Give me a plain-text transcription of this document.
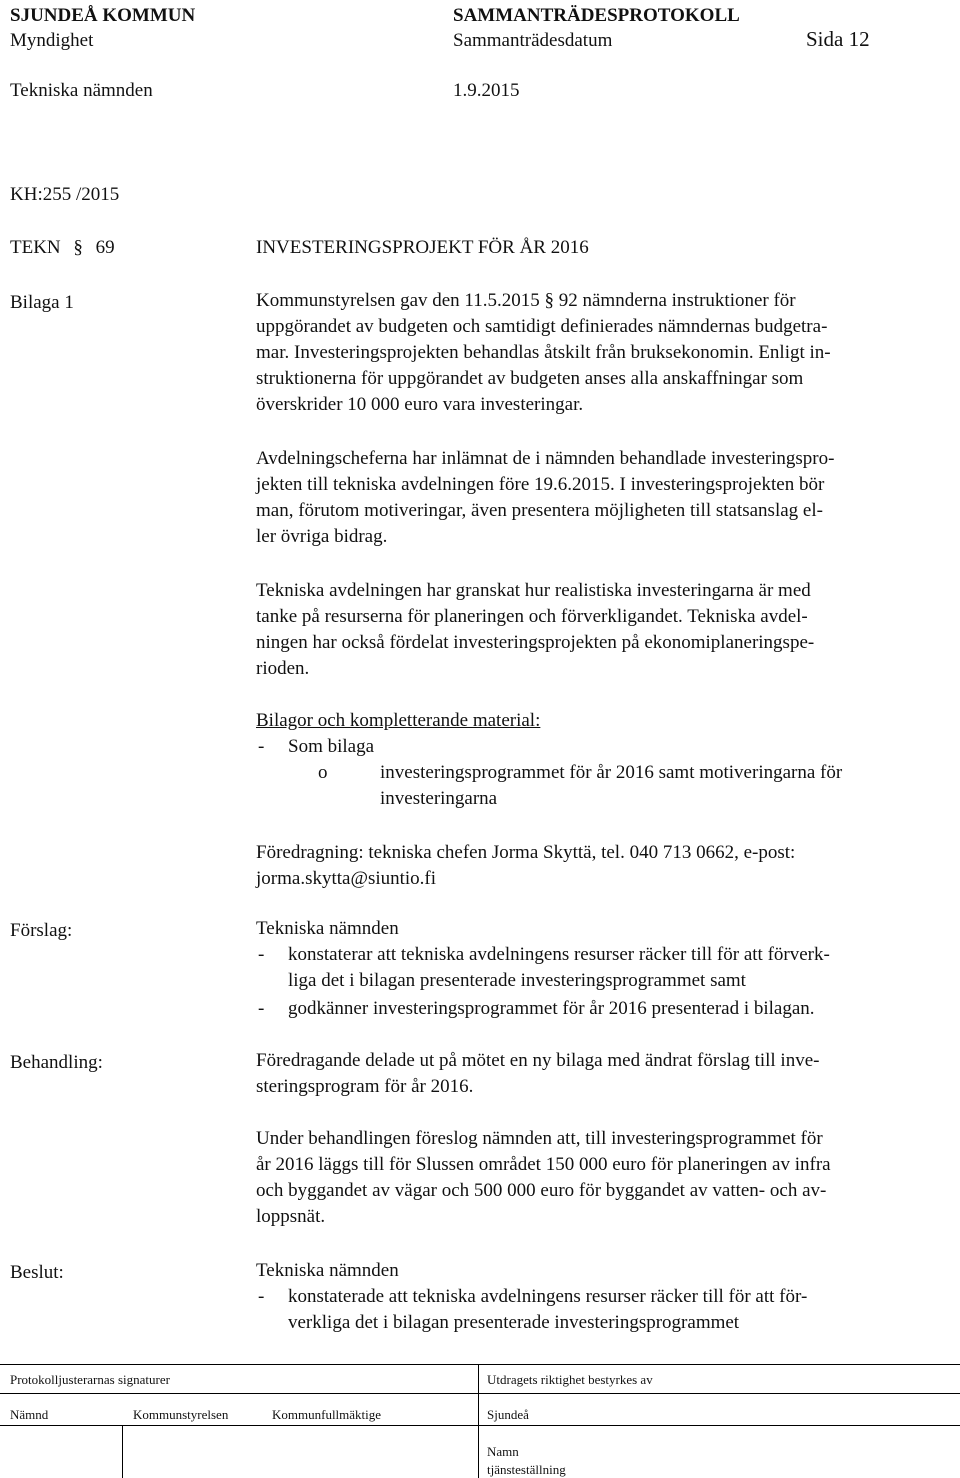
SJUNDEÅ KOMMUN	SAMMANTRÄDESPROTOKOLL
Myndighet	Sammanträdesdatum	Sida 12
Tekniska nämnden	1.9.2015
KH:255 /2015
TEKN § 69	INVESTERINGSPROJEKT FÖR ÅR 2016
Bilaga 1	Kommunstyrelsen gav den 11.5.2015 § 92 nämnderna instruktioner för
uppgörandet av budgeten och samtidigt definierades nämndernas budgetra-
mar. Investeringsprojekten behandlas åtskilt från bruksekonomin. Enligt in-
struktionerna för uppgörandet av budgeten anses alla anskaffningar som
överskrider 10 000 euro vara investeringar.
Avdelningscheferna har inlämnat de i nämnden behandlade investeringspro-
jekten till tekniska avdelningen före 19.6.2015. I investeringsprojekten bör
man, förutom motiveringar, även presentera möjligheten till statsanslag el-
ler övriga bidrag.
Tekniska avdelningen har granskat hur realistiska investeringarna är med
tanke på resurserna för planeringen och förverkligandet. Tekniska avdel-
ningen har också fördelat investeringsprojekten på ekonomiplaneringspe-
rioden.
Bilagor och kompletterande material:
- Som bilaga
o	investeringsprogrammet för år 2016 samt motiveringarna för
investeringarna
Föredragning: tekniska chefen Jorma Skyttä, tel. 040 713 0662, e-post:
jorma.skytta@siuntio.fi
Förslag:	Tekniska nämnden
- konstaterar att tekniska avdelningens resurser räcker till för att förverk-
liga det i bilagan presenterade investeringsprogrammet samt
- godkänner investeringsprogrammet för år 2016 presenterad i bilagan.
Behandling:	Föredragande delade ut på mötet en ny bilaga med ändrat förslag till inve-
steringsprogram för år 2016.
Under behandlingen föreslog nämnden att, till investeringsprogrammet för
år 2016 läggs till för Slussen området 150 000 euro för planeringen av infra
och byggandet av vägar och 500 000 euro för byggandet av vatten- och av-
loppsnät.
Beslut:	Tekniska nämnden
- konstaterade att tekniska avdelningens resurser räcker till för att för-
verkliga det i bilagan presenterade investeringsprogrammet
Protokolljusterarnas signaturer	Utdragets riktighet bestyrkes av
Nämnd	Kommunstyrelsen	Kommunfullmäktige	Sjundeå
Namn
tjänsteställning
